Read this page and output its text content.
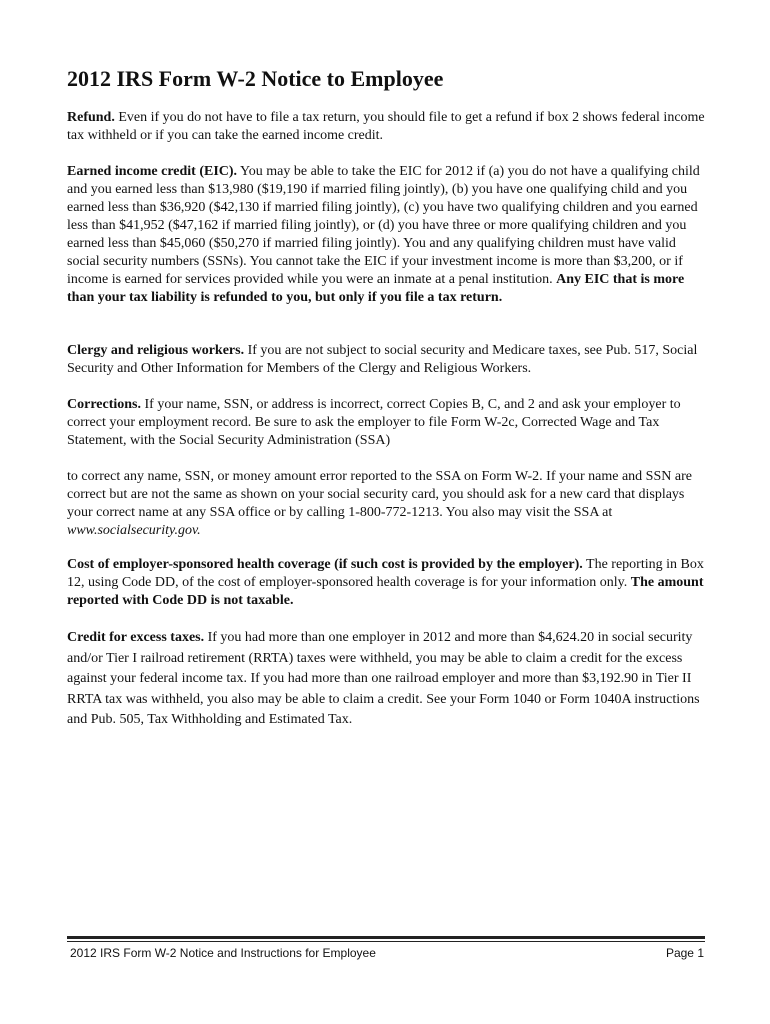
2012 IRS Form W-2 Notice to Employee

Refund. Even if you do not have to file a tax return, you should file to get a refund if box 2 shows federal income tax withheld or if you can take the earned income credit.

Earned income credit (EIC). You may be able to take the EIC for 2012 if (a) you do not have a qualifying child and you earned less than $13,980 ($19,190 if married filing jointly), (b) you have one qualifying child and you earned less than $36,920 ($42,130 if married filing jointly), (c) you have two qualifying children and you earned less than $41,952 ($47,162 if married filing jointly), or (d) you have three or more qualifying children and you earned less than $45,060 ($50,270 if married filing jointly). You and any qualifying children must have valid social security numbers (SSNs). You cannot take the EIC if your investment income is more than $3,200, or if income is earned for services provided while you were an inmate at a penal institution. Any EIC that is more than your tax liability is refunded to you, but only if you file a tax return.

Clergy and religious workers. If you are not subject to social security and Medicare taxes, see Pub. 517, Social Security and Other Information for Members of the Clergy and Religious Workers.

Corrections. If your name, SSN, or address is incorrect, correct Copies B, C, and 2 and ask your employer to correct your employment record. Be sure to ask the employer to file Form W-2c, Corrected Wage and Tax Statement, with the Social Security Administration (SSA)

to correct any name, SSN, or money amount error reported to the SSA on Form W-2. If your name and SSN are correct but are not the same as shown on your social security card, you should ask for a new card that displays your correct name at any SSA office or by calling 1-800-772-1213. You also may visit the SSA at www.socialsecurity.gov.

Cost of employer-sponsored health coverage (if such cost is provided by the employer). The reporting in Box 12, using Code DD, of the cost of employer-sponsored health coverage is for your information only. The amount reported with Code DD is not taxable.

Credit for excess taxes. If you had more than one employer in 2012 and more than $4,624.20 in social security and/or Tier I railroad retirement (RRTA) taxes were withheld, you may be able to claim a credit for the excess against your federal income tax. If you had more than one railroad employer and more than $3,192.90 in Tier II RRTA tax was withheld, you also may be able to claim a credit. See your Form 1040 or Form 1040A instructions and Pub. 505, Tax Withholding and Estimated Tax.

2012 IRS Form W-2 Notice and Instructions for Employee	Page 1
